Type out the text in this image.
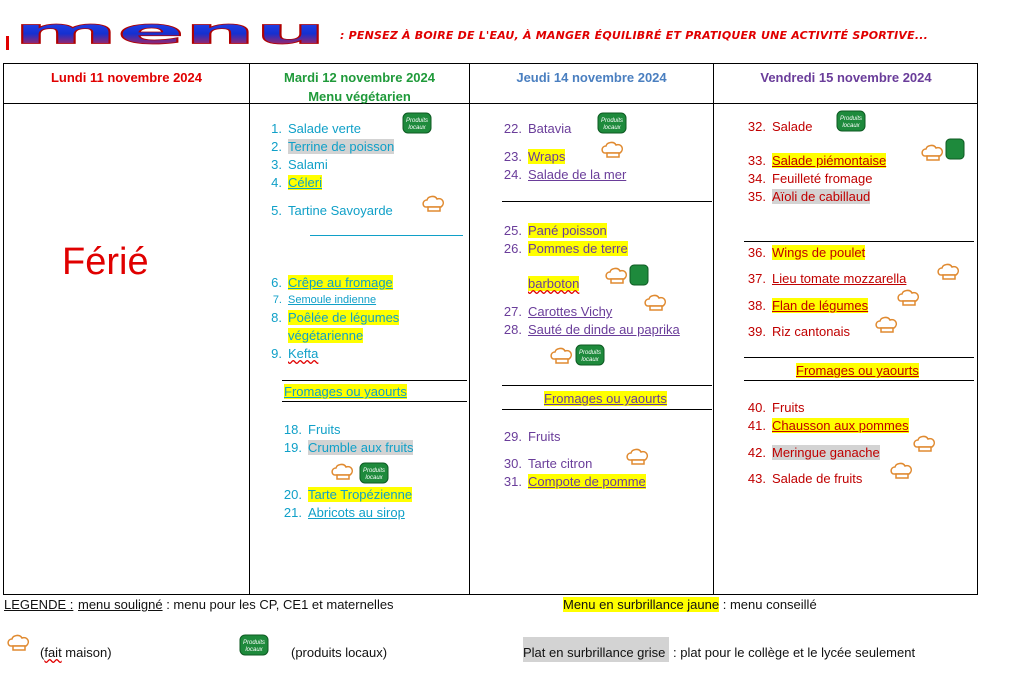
menu : PENSEZ À BOIRE DE L'EAU, À MANGER ÉQUILIBRÉ ET PRATIQUER UNE ACTIVITÉ SPORTIVE...
Lundi 11 novembre 2024
Férié
Mardi 12 novembre 2024
Menu végétarien
1. Salade verte
2. Terrine de poisson
3. Salami
4. Céleri
5. Tartine Savoyarde
6. Crêpe au fromage
7. Semoule indienne
8. Poêlée de légumes
végétarienne
9. Kefta
Fromages ou yaourts
18. Fruits
19. Crumble aux fruits
20. Tarte Tropézienne
21. Abricots au sirop
Jeudi 14 novembre 2024
22. Batavia
23. Wraps
24. Salade de la mer
25. Pané poisson
26. Pommes de terre
barboton
27. Carottes Vichy
28. Sauté de dinde au paprika
Fromages ou yaourts
29. Fruits
30. Tarte citron
31. Compote de pomme
Vendredi 15 novembre 2024
32. Salade
33. Salade piémontaise
34. Feuilleté fromage
35. Aïoli de cabillaud
36. Wings de poulet
37. Lieu tomate mozzarella
38. Flan de légumes
39. Riz cantonais
Fromages ou yaourts
40. Fruits
41. Chausson aux pommes
42. Meringue ganache
43. Salade de fruits
Produits
locaux
Produits
locaux
Produits
locaux
Produits
locaux
Produits
locaux
LEGENDE : menu souligné : menu pour les CP, CE1 et maternelles	Menu en surbrillance jaune : menu conseillé
(fait maison)
Produits
locaux (produits locaux)	Plat en surbrillance grise : plat pour le collège et le lycée seulement
